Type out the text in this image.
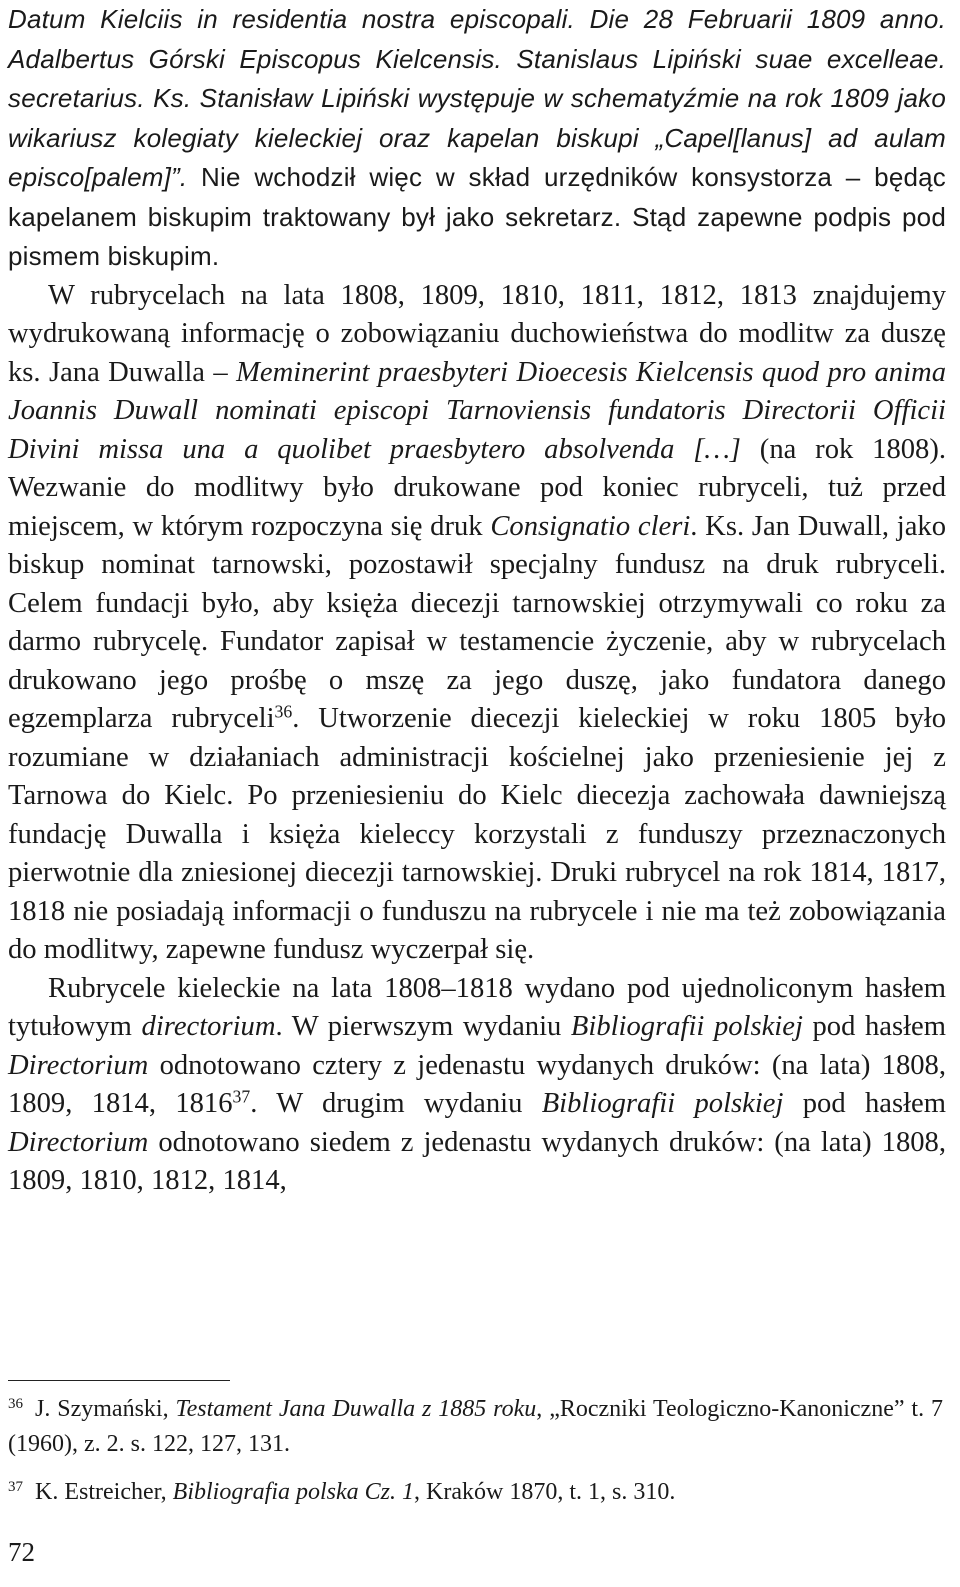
Datum Kielciis in residentia nostra episcopali. Die 28 Februarii 1809 anno. Adalbertus Górski Episcopus Kielcensis. Stanislaus Lipiński suae excelleae. secretarius. Ks. Stanisław Lipiński występuje w schematyźmie na rok 1809 jako wikariusz kolegiaty kieleckiej oraz kapelan biskupi „Capel[lanus] ad aulam episco[palem]”. Nie wchodził więc w skład urzędników konsystorza – będąc kapelanem biskupim traktowany był jako sekretarz. Stąd zapewne podpis pod pismem biskupim.

W rubrycelach na lata 1808, 1809, 1810, 1811, 1812, 1813 znajdujemy wydrukowaną informację o zobowiązaniu duchowieństwa do modlitw za duszę ks. Jana Duwalla – Meminerint praesbyteri Dioecesis Kielcensis quod pro anima Joannis Duwall nominati episcopi Tarnoviensis fundatoris Directorii Officii Divini missa una a quolibet praesbytero absolvenda […] (na rok 1808). Wezwanie do modlitwy było drukowane pod koniec rubryceli, tuż przed miejscem, w którym rozpoczyna się druk Consignatio cleri. Ks. Jan Duwall, jako biskup nominat tarnowski, pozostawił specjalny fundusz na druk rubryceli. Celem fundacji było, aby księża diecezji tarnowskiej otrzymywali co roku za darmo rubrycelę. Fundator zapisał w testamencie życzenie, aby w rubrycelach drukowano jego prośbę o mszę za jego duszę, jako fundatora danego egzemplarza rubryceli$^{36}$. Utworzenie diecezji kieleckiej w roku 1805 było rozumiane w działaniach administracji kościelnej jako przeniesienie jej z Tarnowa do Kielc. Po przeniesieniu do Kielc diecezja zachowała dawniejszą fundację Duwalla i księża kieleccy korzystali z funduszy przeznaczonych pierwotnie dla zniesionej diecezji tarnowskiej. Druki rubrycel na rok 1814, 1817, 1818 nie posiadają informacji o funduszu na rubrycele i nie ma też zobowiązania do modlitwy, zapewne fundusz wyczerpał się.

Rubrycele kieleckie na lata 1808–1818 wydano pod ujednoliconym hasłem tytułowym directorium. W pierwszym wydaniu Bibliografii polskiej pod hasłem Directorium odnotowano cztery z jedenastu wydanych druków: (na lata) 1808, 1809, 1814, 1816$^{37}$. W drugim wydaniu Bibliografii polskiej pod hasłem Directorium odnotowano siedem z jedenastu wydanych druków: (na lata) 1808, 1809, 1810, 1812, 1814,

$^{36}$ J. Szymański, Testament Jana Duwalla z 1885 roku, „Roczniki Teologiczno-Kanoniczne” t. 7 (1960), z. 2. s. 122, 127, 131.

$^{37}$ K. Estreicher, Bibliografia polska Cz. 1, Kraków 1870, t. 1, s. 310.

72
